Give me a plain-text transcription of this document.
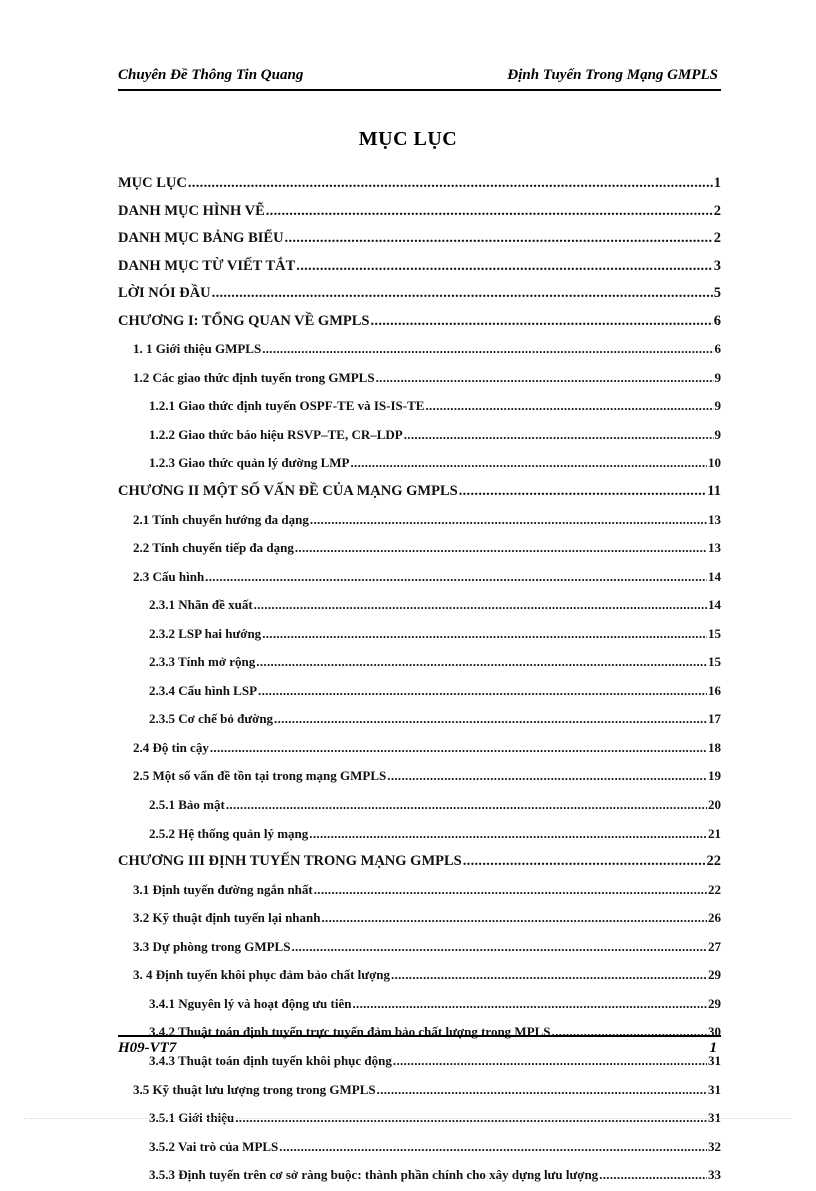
Chuyên Đề Thông Tin Quang	Định Tuyến Trong Mạng GMPLS
MỤC LỤC
MỤC LỤC .....	1
DANH MỤC HÌNH VẼ .....	2
DANH MỤC BẢNG BIỂU .....	2
DANH MỤC TỪ VIẾT TẮT .....	3
LỜI NÓI ĐẦU .....	5
CHƯƠNG I: TỔNG QUAN VỀ GMPLS .....	6
1. 1 Giới thiệu GMPLS .....	6
1.2 Các giao thức định tuyến trong GMPLS .....	9
1.2.1 Giao thức định tuyến OSPF-TE và IS-IS-TE .....	9
1.2.2 Giao thức báo hiệu RSVP–TE, CR–LDP .....	9
1.2.3 Giao thức quản lý đường LMP .....	10
CHƯƠNG II MỘT SỐ VẤN ĐỀ CỦA MẠNG GMPLS .....	11
2.1 Tính chuyển hướng đa dạng .....	13
2.2 Tính chuyển tiếp đa dạng .....	13
2.3 Cấu hình .....	14
2.3.1 Nhãn đề xuất .....	14
2.3.2 LSP hai hướng .....	15
2.3.3 Tính mở rộng .....	15
2.3.4 Cấu hình LSP .....	16
2.3.5 Cơ chế bỏ đường .....	17
2.4 Độ tin cậy .....	18
2.5 Một số vấn đề tồn tại trong mạng GMPLS .....	19
2.5.1 Bảo mật .....	20
2.5.2 Hệ thống quản lý mạng .....	21
CHƯƠNG III ĐỊNH TUYẾN TRONG MẠNG GMPLS .....	22
3.1 Định tuyến đường ngắn nhất .....	22
3.2 Kỹ thuật định tuyến lại nhanh .....	26
3.3 Dự phòng trong GMPLS .....	27
3. 4 Định tuyến khôi phục đảm bảo chất lượng .....	29
3.4.1 Nguyên lý và hoạt động ưu tiên .....	29
3.4.2 Thuật toán định tuyến trực tuyến đảm bảo chất lượng trong MPLS .....	30
3.4.3 Thuật toán định tuyến khôi phục động .....	31
3.5 Kỹ thuật lưu lượng trong trong GMPLS .....	31
3.5.1 Giới thiệu .....	31
3.5.2 Vai trò của MPLS .....	32
3.5.3 Định tuyến trên cơ sở ràng buộc: thành phần chính cho xây dựng lưu lượng .....	33
H09-VT7	1
